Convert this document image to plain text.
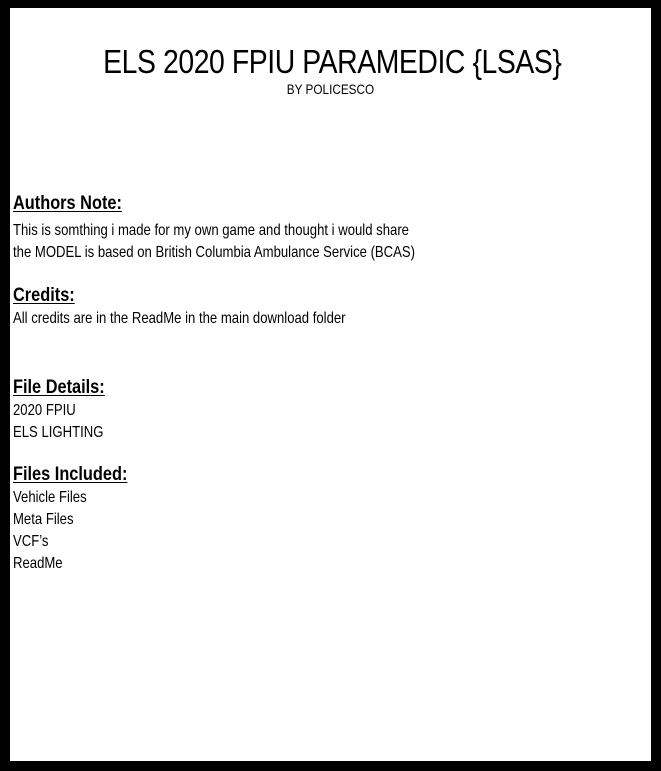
ELS 2020 FPIU PARAMEDIC {LSAS}
BY POLICESCO
Authors Note:
This is somthing i made for my own game and thought i would share
the MODEL is based on British Columbia Ambulance Service (BCAS)
Credits:
All credits are in the ReadMe in the main download folder
File Details:
2020 FPIU
ELS LIGHTING
Files Included:
Vehicle Files
Meta Files
VCF’s
ReadMe
